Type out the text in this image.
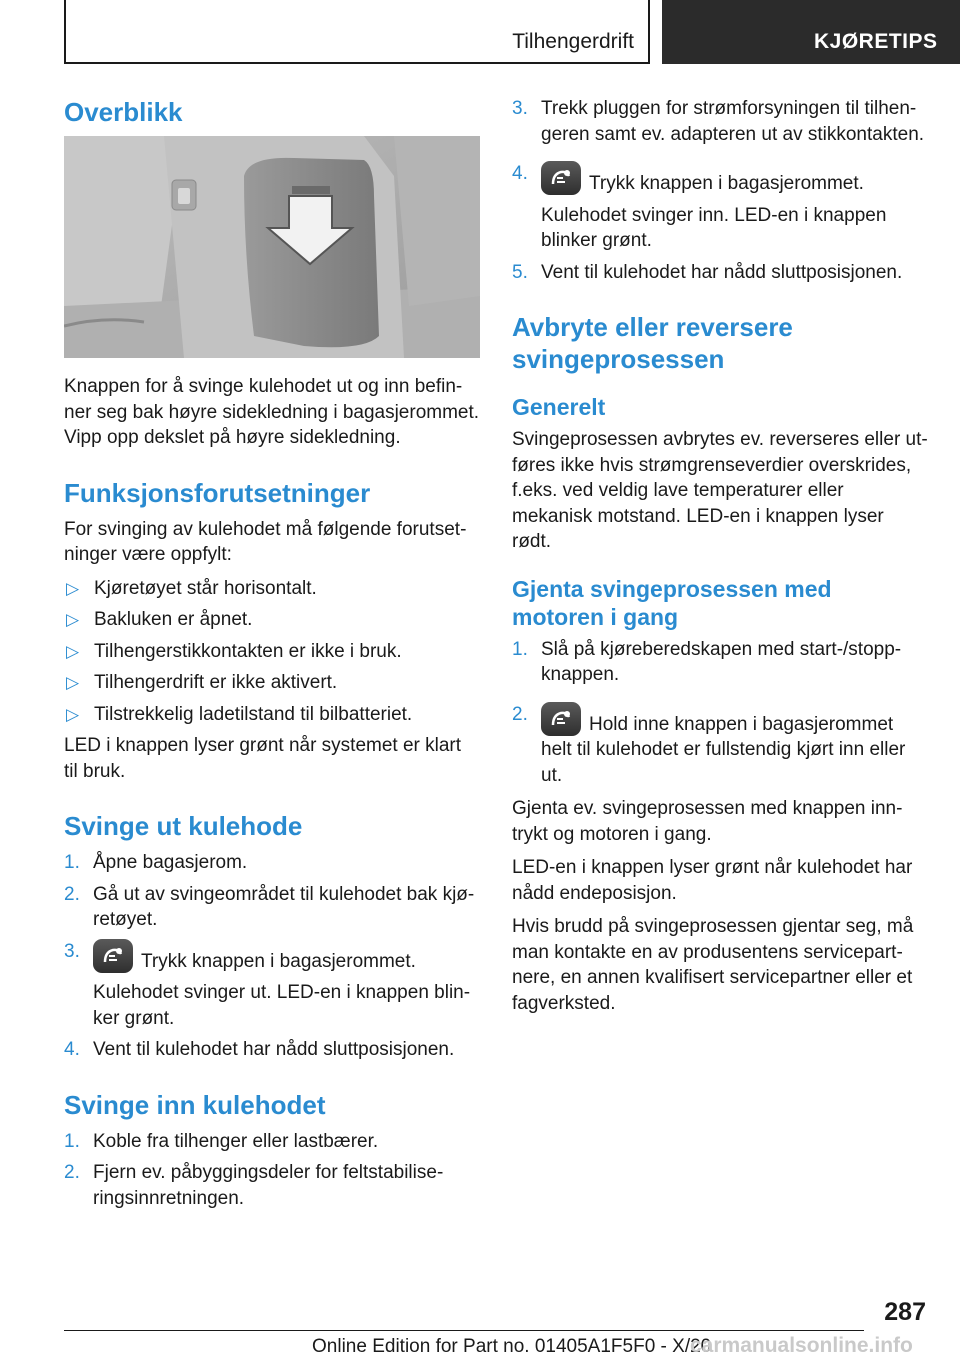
Tilhengerdrift	KJØRETIPS
Overblikk

Knappen for å svinge kulehodet ut og inn befinner seg bak høyre sidekledning i bagasjerommet. Vipp opp dekslet på høyre sidekledning.

Funksjonsforutsetninger

For svinging av kulehodet må følgende forutsetninger være oppfylt:

▷ Kjøretøyet står horisontalt.
▷ Bakluken er åpnet.
▷ Tilhengerstikkontakten er ikke i bruk.
▷ Tilhengerdrift er ikke aktivert.
▷ Tilstrekkelig ladetilstand til bilbatteriet.

LED i knappen lyser grønt når systemet er klart til bruk.

Svinge ut kulehode
1. Åpne bagasjerom.
2. Gå ut av svingeområdet til kulehodet bak kjøretøyet.
3.	Trykk knappen i bagasjerommet.
Kulehodet svinger ut. LED-en i knappen blinker grønt.
4. Vent til kulehodet har nådd sluttposisjonen.
Svinge inn kulehodet
1. Koble fra tilhenger eller lastbærer.
2. Fjern ev. påbyggingsdeler for feltstabiliseringsinnretningen.
3. Trekk pluggen for strømforsyningen til tilhengeren samt ev. adapteren ut av stikkontakten.
4.	Trykk knappen i bagasjerommet.
Kulehodet svinger inn. LED-en i knappen blinker grønt.
5. Vent til kulehodet har nådd sluttposisjonen.
Avbryte eller reversere svingeprosessen
Generelt

Svingeprosessen avbrytes ev. reverseres eller utføres ikke hvis strømgrenseverdier overskrides, f.eks. ved veldig lave temperaturer eller mekanisk motstand. LED-en i knappen lyser rødt.

Gjenta svingeprosessen med motoren i gang
1. Slå på kjøreberedskapen med start-/stoppknappen.
2.	Hold inne knappen i bagasjerommet helt til kulehodet er fullstendig kjørt inn eller ut.

Gjenta ev. svingeprosessen med knappen inntrykt og motoren i gang.

LED-en i knappen lyser grønt når kulehodet har nådd endeposisjon.

Hvis brudd på svingeprosessen gjentar seg, må man kontakte en av produsentens servicepartnere, en annen kvalifisert servicepartner eller et fagverksted.

287
Online Edition for Part no. 01405A1F5F0 - X/20
carmanualsonline.info
